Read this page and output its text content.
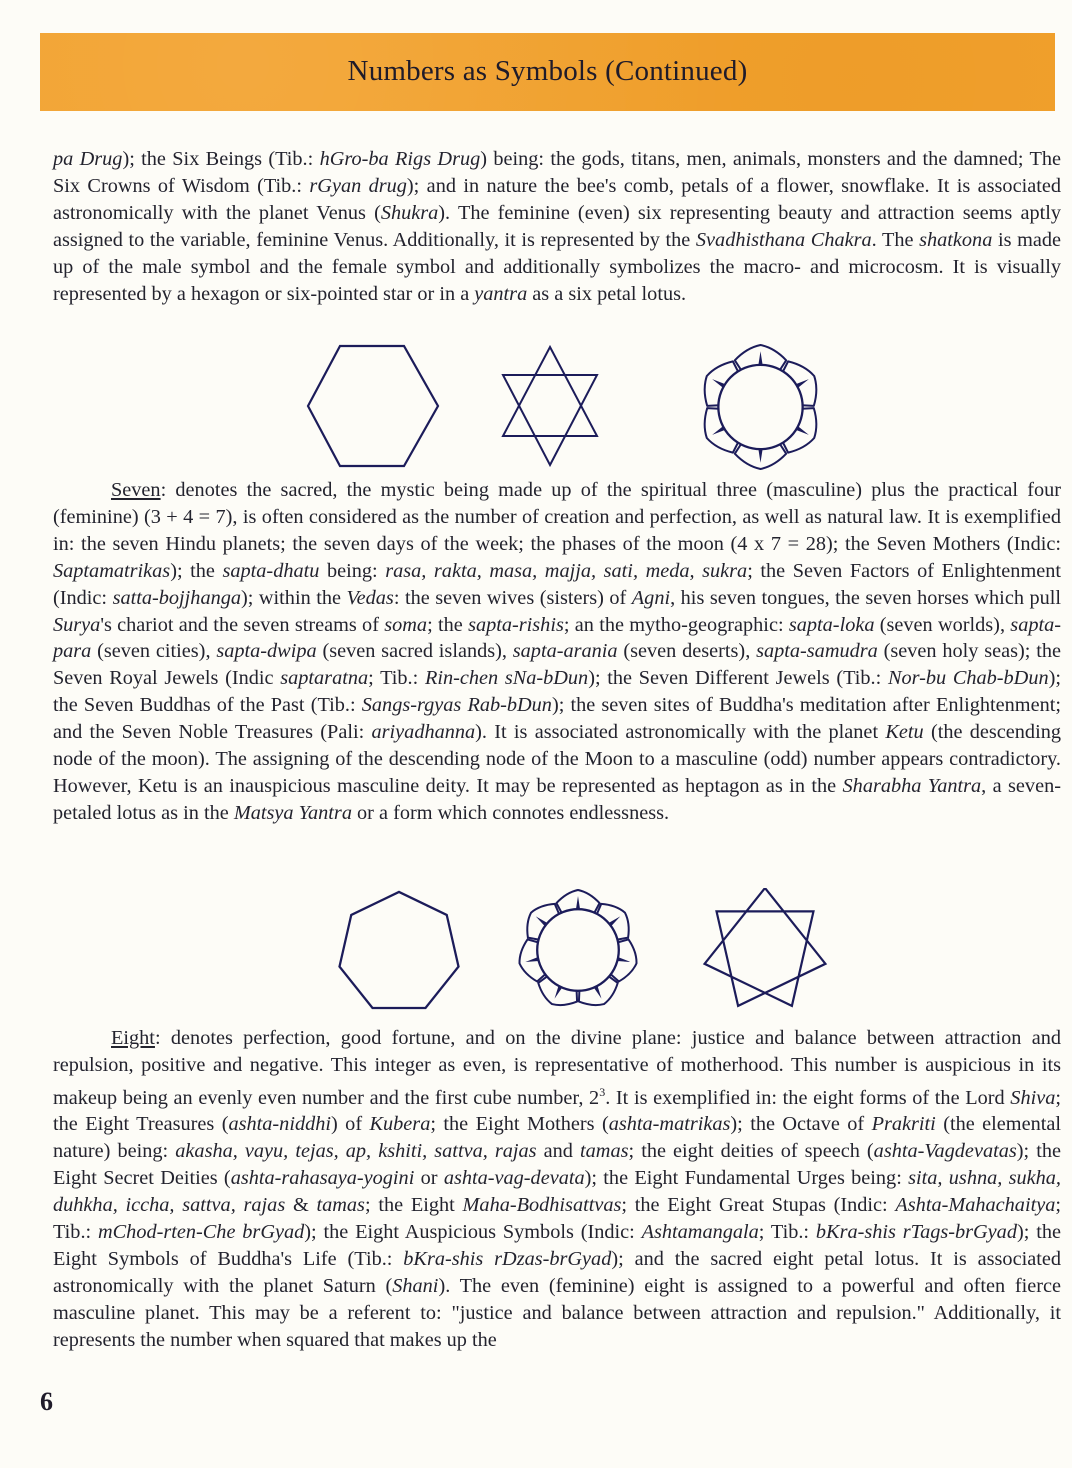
Numbers as Symbols (Continued)

pa Drug); the Six Beings (Tib.: hGro-ba Rigs Drug) being: the gods, titans, men, animals, monsters and the damned; The Six Crowns of Wisdom (Tib.: rGyan drug); and in nature the bee's comb, petals of a flower, snowflake. It is associated astronomically with the planet Venus (Shukra). The feminine (even) six representing beauty and attraction seems aptly assigned to the variable, feminine Venus. Additionally, it is represented by the Svadhisthana Chakra. The shatkona is made up of the male symbol and the female symbol and additionally symbolizes the macro- and microcosm. It is visually represented by a hexagon or six-pointed star or in a yantra as a six petal lotus.

Seven: denotes the sacred, the mystic being made up of the spiritual three (masculine) plus the practical four (feminine) (3 + 4 = 7), is often considered as the number of creation and perfection, as well as natural law. It is exemplified in: the seven Hindu planets; the seven days of the week; the phases of the moon (4 x 7 = 28); the Seven Mothers (Indic: Saptamatrikas); the sapta-dhatu being: rasa, rakta, masa, majja, sati, meda, sukra; the Seven Factors of Enlightenment (Indic: satta-bojjhanga); within the Vedas: the seven wives (sisters) of Agni, his seven tongues, the seven horses which pull Surya's chariot and the seven streams of soma; the sapta-rishis; an the mytho-geographic: sapta-loka (seven worlds), sapta-para (seven cities), sapta-dwipa (seven sacred islands), sapta-arania (seven deserts), sapta-samudra (seven holy seas); the Seven Royal Jewels (Indic saptaratna; Tib.: Rin-chen sNa-bDun); the Seven Different Jewels (Tib.: Nor-bu Chab-bDun); the Seven Buddhas of the Past (Tib.: Sangs-rgyas Rab-bDun); the seven sites of Buddha's meditation after Enlightenment; and the Seven Noble Treasures (Pali: ariyadhanna). It is associated astronomically with the planet Ketu (the descending node of the moon). The assigning of the descending node of the Moon to a masculine (odd) number appears contradictory. However, Ketu is an inauspicious masculine deity. It may be represented as heptagon as in the Sharabha Yantra, a seven-petaled lotus as in the Matsya Yantra or a form which connotes endlessness.

Eight: denotes perfection, good fortune, and on the divine plane: justice and balance between attraction and repulsion, positive and negative. This integer as even, is representative of motherhood. This number is auspicious in its makeup being an evenly even number and the first cube number, $2^3$. It is exemplified in: the eight forms of the Lord Shiva; the Eight Treasures (ashta-niddhi) of Kubera; the Eight Mothers (ashta-matrikas); the Octave of Prakriti (the elemental nature) being: akasha, vayu, tejas, ap, kshiti, sattva, rajas and tamas; the eight deities of speech (ashta-Vagdevatas); the Eight Secret Deities (ashta-rahasaya-yogini or ashta-vag-devata); the Eight Fundamental Urges being: sita, ushna, sukha, duhkha, iccha, sattva, rajas & tamas; the Eight Maha-Bodhisattvas; the Eight Great Stupas (Indic: Ashta-Mahachaitya; Tib.: mChod-rten-Che brGyad); the Eight Auspicious Symbols (Indic: Ashtamangala; Tib.: bKra-shis rTags-brGyad); the Eight Symbols of Buddha's Life (Tib.: bKra-shis rDzas-brGyad); and the sacred eight petal lotus. It is associated astronomically with the planet Saturn (Shani). The even (feminine) eight is assigned to a powerful and often fierce masculine planet. This may be a referent to: "justice and balance between attraction and repulsion." Additionally, it represents the number when squared that makes up the

6
